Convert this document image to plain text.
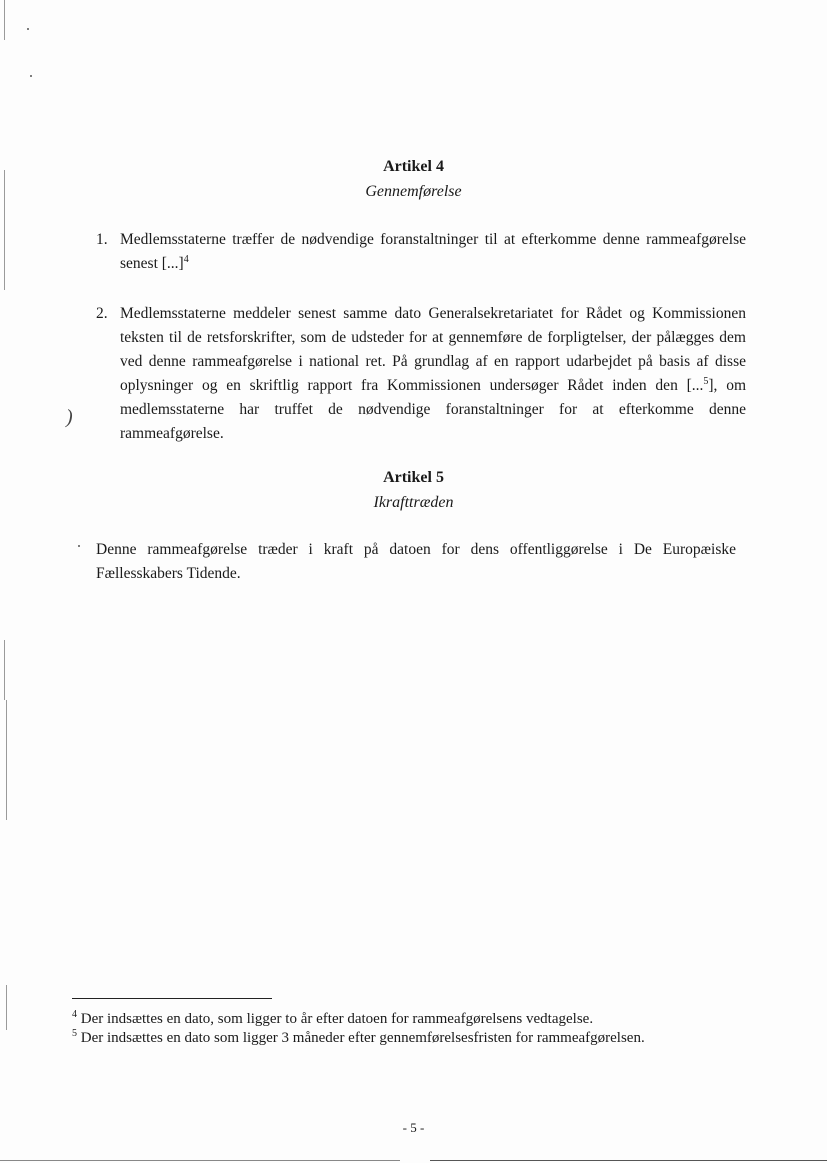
)
Artikel 4
Gennemførelse
1. Medlemsstaterne træffer de nødvendige foranstaltninger til at efterkomme denne rammeafgørelse senest [...]$^4$
2. Medlemsstaterne meddeler senest samme dato Generalsekretariatet for Rådet og Kommissionen teksten til de retsforskrifter, som de udsteder for at gennemføre de forpligtelser, der pålægges dem ved denne rammeafgørelse i national ret. På grundlag af en rapport udarbejdet på basis af disse oplysninger og en skriftlig rapport fra Kommissionen undersøger Rådet inden den [...$^5$], om medlemsstaterne har truffet de nødvendige foranstaltninger for at efterkomme denne rammeafgørelse.
Artikel 5
Ikrafttræden

Denne rammeafgørelse træder i kraft på datoen for dens offentliggørelse i De Europæiske Fællesskabers Tidende.

$^4$ Der indsættes en dato, som ligger to år efter datoen for rammeafgørelsens vedtagelse.

$^5$ Der indsættes en dato som ligger 3 måneder efter gennemførelsesfristen for rammeafgørelsen.

- 5 -
